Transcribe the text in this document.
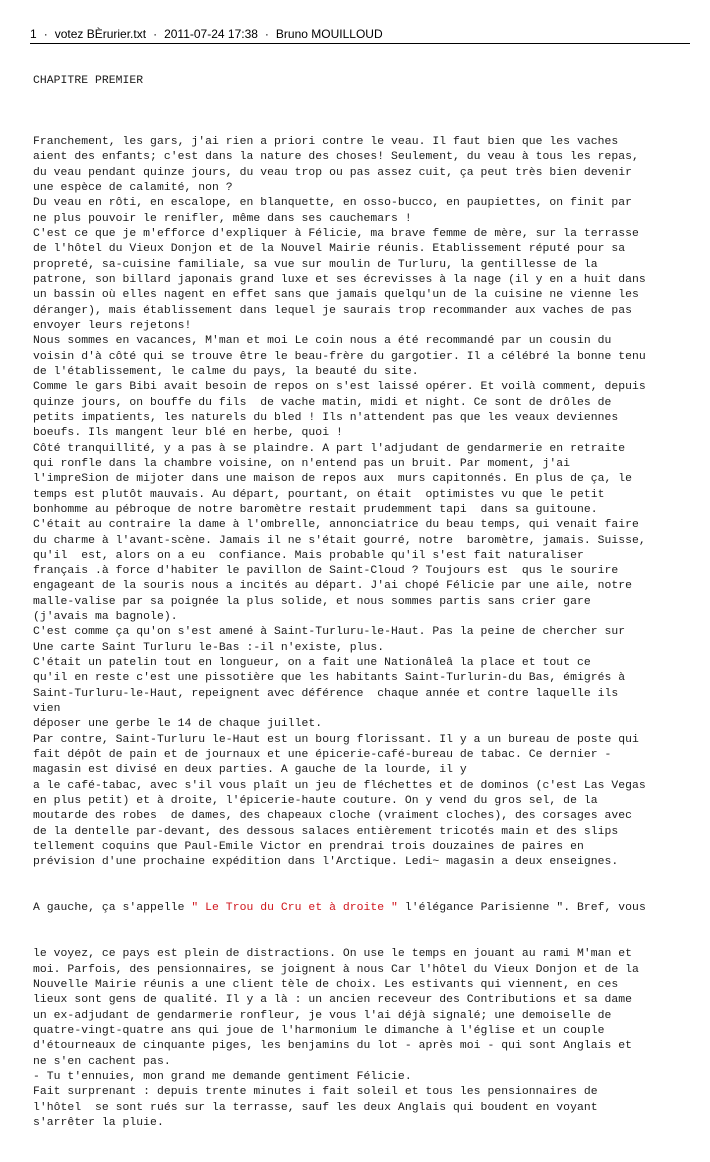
1 · votez BÈrurier.txt · 2011-07-24 17:38 · Bruno MOUILLOUD

CHAPITRE PREMIER

Franchement, les gars, j'ai rien a priori contre le veau. Il faut bien que les vaches
aient des enfants; c'est dans la nature des choses! Seulement, du veau à tous les repas,
du veau pendant quinze jours, du veau trop ou pas assez cuit, ça peut très bien devenir
une espèce de calamité, non ?
Du veau en rôti, en escalope, en blanquette, en osso-bucco, en paupiettes, on finit par
ne plus pouvoir le renifler, même dans ses cauchemars !
C'est ce que je m'efforce d'expliquer à Félicie, ma brave femme de mère, sur la terrasse
de l'hôtel du Vieux Donjon et de la Nouvel Mairie réunis. Etablissement réputé pour sa
propreté, sa-cuisine familiale, sa vue sur moulin de Turluru, la gentillesse de la
patrone, son billard japonais grand luxe et ses écrevisses à la nage (il y en a huit dans
un bassin où elles nagent en effet sans que jamais quelqu'un de la cuisine ne vienne les
déranger), mais établissement dans lequel je saurais trop recommander aux vaches de pas
envoyer leurs rejetons!
Nous sommes en vacances, M'man et moi Le coin nous a été recommandé par un cousin du
voisin d'à côté qui se trouve être le beau-frère du gargotier. Il a célébré la bonne tenu
de l'établissement, le calme du pays, la beauté du site.
Comme le gars Bibi avait besoin de repos on s'est laissé opérer. Et voilà comment, depuis
quinze jours, on bouffe du fils  de vache matin, midi et night. Ce sont de drôles de
petits impatients, les naturels du bled ! Ils n'attendent pas que les veaux deviennes
boeufs. Ils mangent leur blé en herbe, quoi !
Côté tranquillité, y a pas à se plaindre. A part l'adjudant de gendarmerie en retraite
qui ronfle dans la chambre voisine, on n'entend pas un bruit. Par moment, j'ai
l'impreSion de mijoter dans une maison de repos aux  murs capitonnés. En plus de ça, le
temps est plutôt mauvais. Au départ, pourtant, on était  optimistes vu que le petit
bonhomme au pébroque de notre baromètre restait prudemment tapi  dans sa guitoune.
C'était au contraire la dame à l'ombrelle, annonciatrice du beau temps, qui venait faire
du charme à l'avant-scène. Jamais il ne s'était gourré, notre  baromètre, jamais. Suisse,
qu'il  est, alors on a eu  confiance. Mais probable qu'il s'est fait naturaliser
français .à force d'habiter le pavillon de Saint-Cloud ? Toujours est  qus le sourire
engageant de la souris nous a incités au départ. J'ai chopé Félicie par une aile, notre
malle-valise par sa poignée la plus solide, et nous sommes partis sans crier gare
(j'avais ma bagnole).
C'est comme ça qu'on s'est amené à Saint-Turluru-le-Haut. Pas la peine de chercher sur
Une carte Saint Turluru le-Bas :-il n'existe, plus.
C'était un patelin tout en longueur, on a fait une Nationâleâ la place et tout ce
qu'il en reste c'est une pissotière que les habitants Saint-Turlurin-du Bas, émigrés à
Saint-Turluru-le-Haut, repeignent avec déférence  chaque année et contre laquelle ils
vien
déposer une gerbe le 14 de chaque juillet.
Par contre, Saint-Turluru le-Haut est un bourg florissant. Il y a un bureau de poste qui
fait dépôt de pain et de journaux et une épicerie-café-bureau de tabac. Ce dernier -
magasin est divisé en deux parties. A gauche de la lourde, il y
a le café-tabac, avec s'il vous plaît un jeu de fléchettes et de dominos (c'est Las Vegas
en plus petit) et à droite, l'épicerie-haute couture. On y vend du gros sel, de la
moutarde des robes  de dames, des chapeaux cloche (vraiment cloches), des corsages avec
de la dentelle par-devant, des dessous salaces entièrement tricotés main et des slips
tellement coquins que Paul-Emile Victor en prendrai trois douzaines de paires en
prévision d'une prochaine expédition dans l'Arctique. Ledi~ magasin a deux enseignes.

A gauche, ça s'appelle " Le Trou du Cru et à droite " l'élégance Parisienne ". Bref, vous

le voyez, ce pays est plein de distractions. On use le temps en jouant au rami M'man et
moi. Parfois, des pensionnaires, se joignent à nous Car l'hôtel du Vieux Donjon et de la
Nouvelle Mairie réunis a une client tèle de choix. Les estivants qui viennent, en ces
lieux sont gens de qualité. Il y a là : un ancien receveur des Contributions et sa dame
un ex-adjudant de gendarmerie ronfleur, je vous l'ai déjà signalé; une demoiselle de
quatre-vingt-quatre ans qui joue de l'harmonium le dimanche à l'église et un couple
d'étourneaux de cinquante piges, les benjamins du lot - après moi - qui sont Anglais et
ne s'en cachent pas.
- Tu t'ennuies, mon grand me demande gentiment Félicie.
Fait surprenant : depuis trente minutes i fait soleil et tous les pensionnaires de
l'hôtel  se sont rués sur la terrasse, sauf les deux Anglais qui boudent en voyant
s'arrêter la pluie.
